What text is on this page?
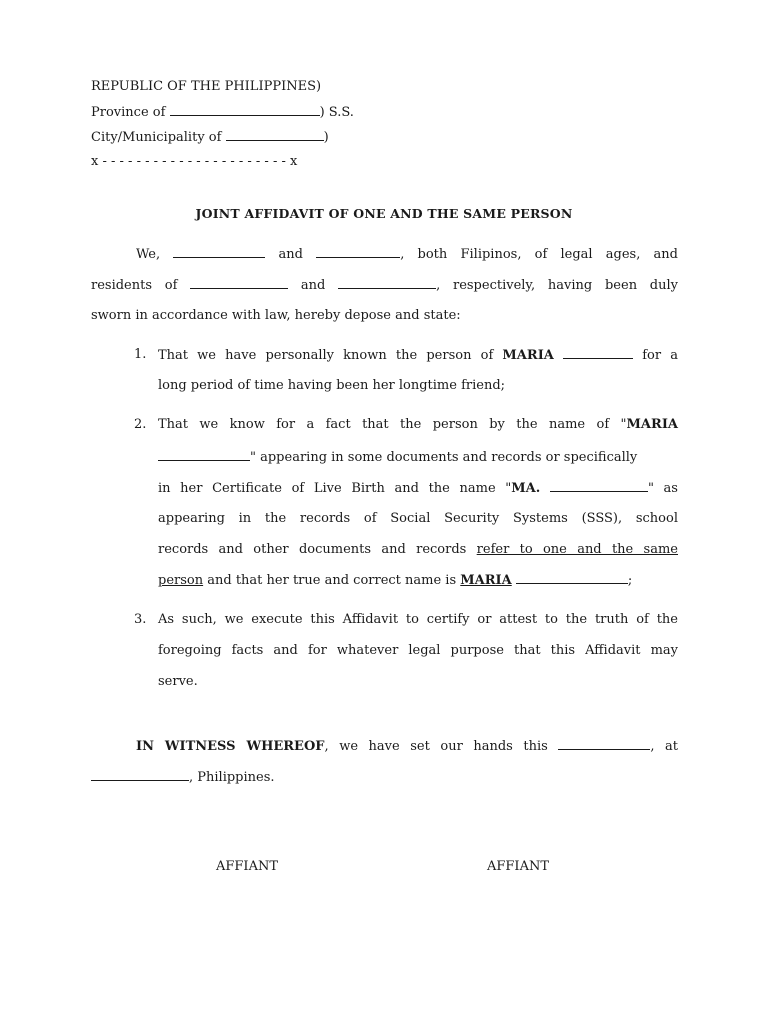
REPUBLIC OF THE PHILIPPINES)
Province of	) S.S.
City/Municipality of	)
x - - - - - - - - - - - - - - - - - - - - - - x
JOINT AFFIDAVIT OF ONE AND THE SAME PERSON
We,	and	, both Filipinos, of legal ages, and
residents of	and	, respectively, having been duly
sworn in accordance with law, hereby depose and state:
1. That we have personally known the person of MARIA	for a
long period of time having been her longtime friend;
2. That we know for a fact that the person by the name of "MARIA
" appearing in some documents and records or specifically
in her Certificate of Live Birth and the name "MA.	" as
appearing in the records of Social Security Systems (SSS), school
records and other documents and records refer to one and the same
person and that her true and correct name is MARIA	;
3. As such, we execute this Affidavit to certify or attest to the truth of the
foregoing facts and for whatever legal purpose that this Affidavit may
serve.
IN WITNESS WHEREOF, we have set our hands this	, at
, Philippines.
AFFIANT	AFFIANT
